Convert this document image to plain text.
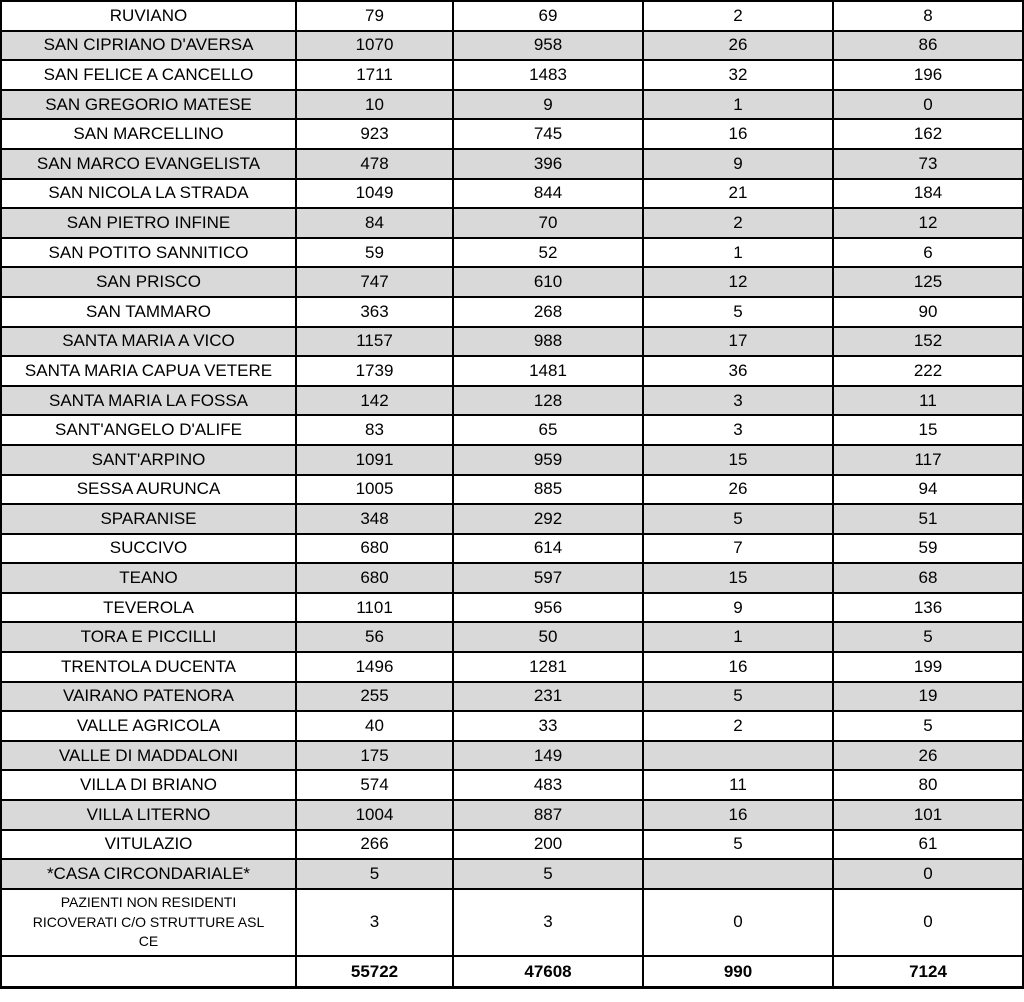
RUVIANO	79	69	2	8
SAN CIPRIANO D'AVERSA	1070	958	26	86
SAN FELICE A CANCELLO	1711	1483	32	196
SAN GREGORIO MATESE	10	9	1	0
SAN MARCELLINO	923	745	16	162
SAN MARCO EVANGELISTA	478	396	9	73
SAN NICOLA LA STRADA	1049	844	21	184
SAN PIETRO INFINE	84	70	2	12
SAN POTITO SANNITICO	59	52	1	6
SAN PRISCO	747	610	12	125
SAN TAMMARO	363	268	5	90
SANTA MARIA A VICO	1157	988	17	152
SANTA MARIA CAPUA VETERE	1739	1481	36	222
SANTA MARIA LA FOSSA	142	128	3	11
SANT'ANGELO D'ALIFE	83	65	3	15
SANT'ARPINO	1091	959	15	117
SESSA AURUNCA	1005	885	26	94
SPARANISE	348	292	5	51
SUCCIVO	680	614	7	59
TEANO	680	597	15	68
TEVEROLA	1101	956	9	136
TORA E PICCILLI	56	50	1	5
TRENTOLA DUCENTA	1496	1281	16	199
VAIRANO PATENORA	255	231	5	19
VALLE AGRICOLA	40	33	2	5
VALLE DI MADDALONI	175	149		26
VILLA DI BRIANO	574	483	11	80
VILLA LITERNO	1004	887	16	101
VITULAZIO	266	200	5	61
*CASA CIRCONDARIALE*	5	5		0
PAZIENTI NON RESIDENTI RICOVERATI C/O STRUTTURE ASL CE	3	3	0	0
	55722	47608	990	7124
